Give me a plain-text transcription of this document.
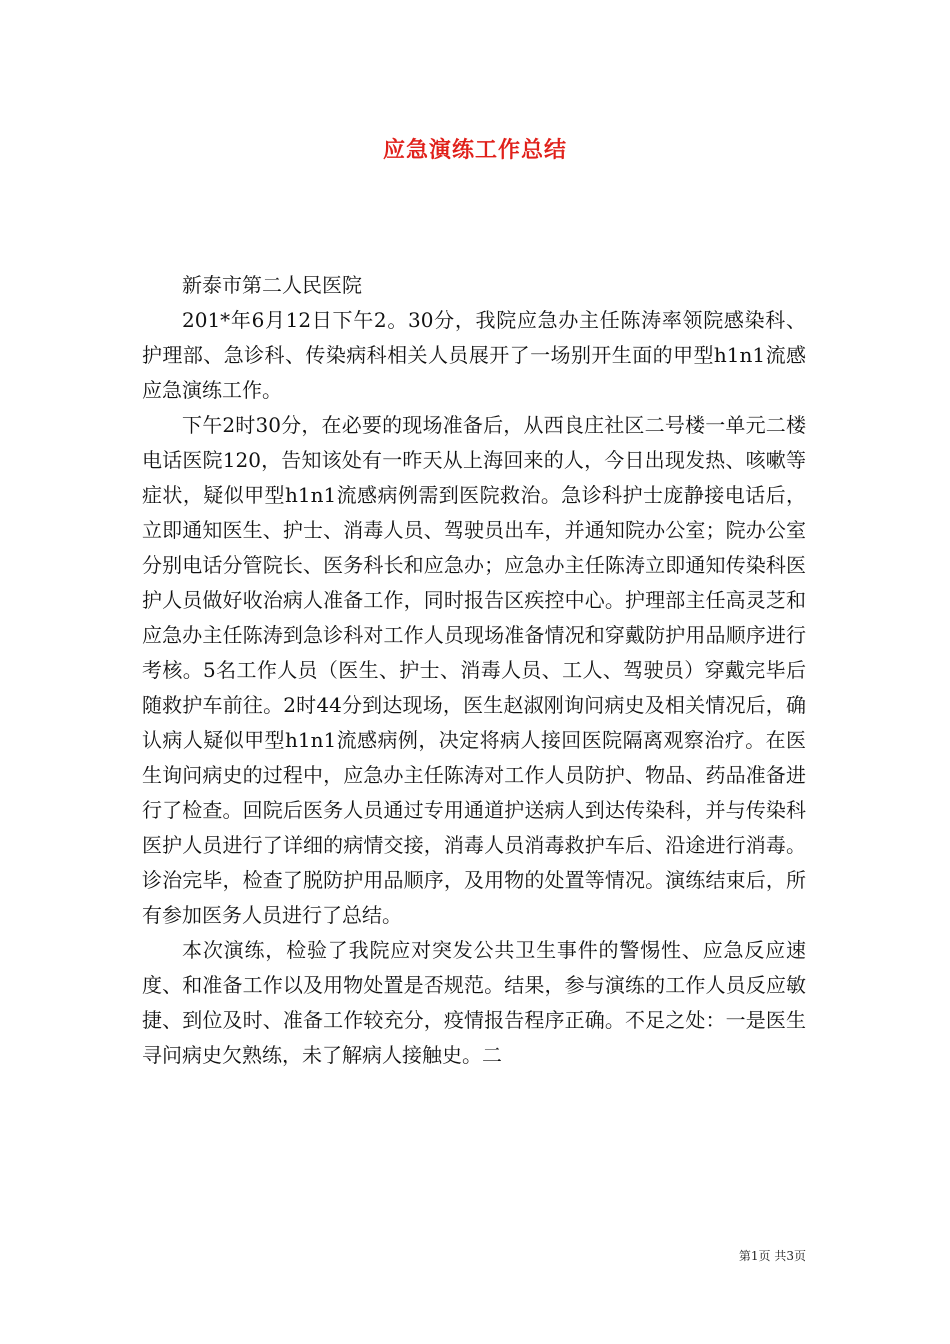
应急演练工作总结

新泰市第二人民医院

201*年6月12日下午2。30分，我院应急办主任陈涛率领院感染科、护理部、急诊科、传染病科相关人员展开了一场别开生面的甲型h1n1流感应急演练工作。

下午2时30分，在必要的现场准备后，从西良庄社区二号楼一单元二楼电话医院120，告知该处有一昨天从上海回来的人，今日出现发热、咳嗽等症状，疑似甲型h1n1流感病例需到医院救治。急诊科护士庞静接电话后，立即通知医生、护士、消毒人员、驾驶员出车，并通知院办公室；院办公室分别电话分管院长、医务科长和应急办；应急办主任陈涛立即通知传染科医护人员做好收治病人准备工作，同时报告区疾控中心。护理部主任高灵芝和应急办主任陈涛到急诊科对工作人员现场准备情况和穿戴防护用品顺序进行考核。5名工作人员（医生、护士、消毒人员、工人、驾驶员）穿戴完毕后随救护车前往。2时44分到达现场，医生赵淑刚询问病史及相关情况后，确认病人疑似甲型h1n1流感病例，决定将病人接回医院隔离观察治疗。在医生询问病史的过程中，应急办主任陈涛对工作人员防护、物品、药品准备进行了检查。回院后医务人员通过专用通道护送病人到达传染科，并与传染科医护人员进行了详细的病情交接，消毒人员消毒救护车后、沿途进行消毒。诊治完毕，检查了脱防护用品顺序，及用物的处置等情况。演练结束后，所有参加医务人员进行了总结。

本次演练，检验了我院应对突发公共卫生事件的警惕性、应急反应速度、和准备工作以及用物处置是否规范。结果，参与演练的工作人员反应敏捷、到位及时、准备工作较充分，疫情报告程序正确。不足之处：一是医生寻问病史欠熟练，未了解病人接触史。二

第1页 共3页
